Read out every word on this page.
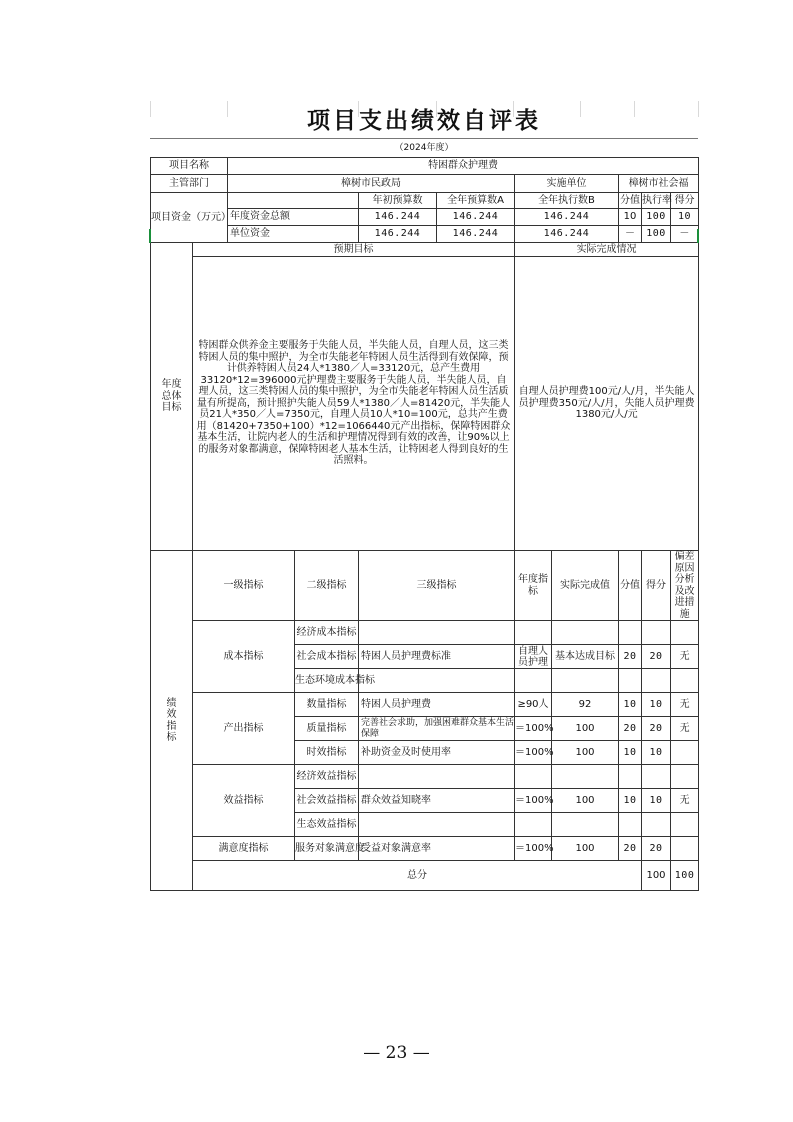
项目支出绩效自评表
（2024年度）
项目名称		特困群众护理费									
主管部门		樟树市民政局				实施单位		樟树市社会福			
项目资金（万元）				年初预算数	全年预算数A	全年执行数B		分值	执行率	得分	
		年度资金总额		146.244	146.244	146.244		10	100	10	
		单位资金		146.244	146.244	146.244		－	100	－	
年度总体目标	预期目标					实际完成情况					
	特困群众供养金主要服务于失能人员，半失能人员，自理人员，这三类特困人员的集中照护，为全市失能老年特困人员生活得到有效保障，预计供养特困人员24人*1380／人=33120元，总产生费用33120*12=396000元护理费主要服务于失能人员，半失能人员，自理人员，这三类特困人员的集中照护，为全市失能老年特困人员生活质量有所提高，预计照护失能人员59人*1380／人=81420元，半失能人员21人*350／人=7350元，自理人员10人*10=100元，总共产生费用（81420+7350+100）*12=1066440元产出指标，保障特困群众基本生活，让院内老人的生活和护理情况得到有效的改善，让90%以上的服务对象都满意，保障特困老人基本生活，让特困老人得到良好的生活照料。					自理人员护理费100元/人/月，半失能人员护理费350元/人/月，失能人员护理费1380元/人/元					
绩效指标	一级指标		二级指标	三级指标		年度指标	实际完成值	分值	得分	偏差原因分析及改进措施	
	成本指标		经济成本指标								
			社会成本指标	特困人员护理费标准		自理人员护理	基本达成目标	20	20	无	
			生态环境成本指标								
	产出指标		数量指标	特困人员护理费		≥90人	92	10	10	无	
			质量指标	完善社会求助，加强困难群众基本生活保障		＝100%	100	20	20	无	
			时效指标	补助资金及时使用率		＝100%	100	10	10		
	效益指标		经济效益指标								
			社会效益指标	群众效益知晓率		＝100%	100	10	10	无	
			生态效益指标								
	满意度指标		服务对象满意度	受益对象满意率		＝100%	100	20	20		
	总分								100	100	
— 23 —
